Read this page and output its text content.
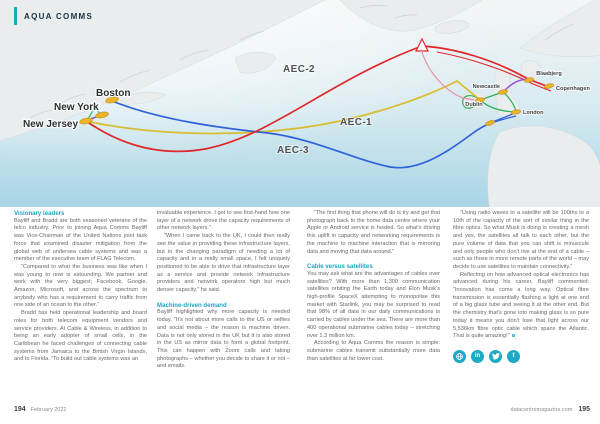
Boston
New York
New Jersey
Newcastle
Dublin
London
Blaabjerg
Copenhagen
AEC-2
AEC-1
AEC-3
AQUA COMMS
Visionary leaders

Bayliff and Bradd are both seasoned veterans of the telco industry. Prior to joining Aqua Comms Bayliff was Vice-Chairman of the United Nations joint task force that examined disaster mitigation from the global web of undersea cable systems and was a member of the executive team of FLAG Telecom.

“Compared to what the business was like when I was young to now is astounding. We partner and work with the very biggest; Facebook, Google, Amazon, Microsoft, and across the spectrum to anybody who has a requirement to carry traffic from one side of an ocean to the other.”

Bradd has held operational leadership and board roles for both telecom equipment vendors and service providers. At Cable & Wireless, in addition to being an early adopter of small cells, in the Caribbean he faced challenges of connecting cable systems from Jamaica to the British Virgin Islands, and to Florida. “To build out cable systems was an

invaluable experience. I got to see first-hand how one layer of a network drove the capacity requirements of other network layers.”

“When I came back to the UK, I could then really see the value in providing these infrastructure layers, but in the changing paradigm of needing a lot of capacity and in a really small space, I felt uniquely positioned to be able to drive that infrastructure layer as a service and provide network infrastructure providers and network operators high but much denser capacity,” he said.

Machine-driven demand

Bayliff highlighted why more capacity is needed today. “It’s not about more calls to the US or selfies and social media – the reason is machine driven. Data is not only stored in the UK but it is also stored in the US as mirror data to form a global footprint. This can happen with Zoom calls and taking photographs – whether you decide to share it or not – and emails.

“The first thing that phone will do is try and get that photograph back to the home data centre where your Apple or Android service is hosted. So what’s driving this uplift in capacity and networking requirements is the machine to machine interaction that is mirroring data and moving that data around.”

Cable versus satellites

You may ask what are the advantages of cables over satellites? With more than 1,300 communication satellites orbiting the Earth today and Elon Musk’s high-profile SpaceX attempting to monopolise this market with Starlink, you may be surprised to read that 98% of all data in our daily communications is carried by cables under the sea. There are more than 400 operational submarine cables today – stretching over 1.3 million km.

According to Aqua Comms the reason is simple: submarine cables transmit substantially more data than satellites at far lower cost.

“Using radio waves to a satellite will be 100ths to a 10th of the capacity of the sort of similar thing in the fibre optics. So what Musk is doing is creating a mesh and yes, the satellites all talk to each other, but the pure volume of data that you can shift is minuscule and only people who don’t live at the end of a cable – such as those in more remote parts of the world – may decide to use satellites to maintain connectivity.”

Reflecting on how advanced optical electronics has advanced during his career, Bayliff commented: “Innovation has come a long way. Optical fibre transmission is essentially flashing a light at one end of a big glass tube and seeing it at the other end. But the chemistry that’s gone into making glass is so pure today it means you don’t lose that light across our 5,536km fibre optic cable which spans the Atlantic. That is quite amazing!”

in	f
194 February 2022	datacentremagazine.com 195
